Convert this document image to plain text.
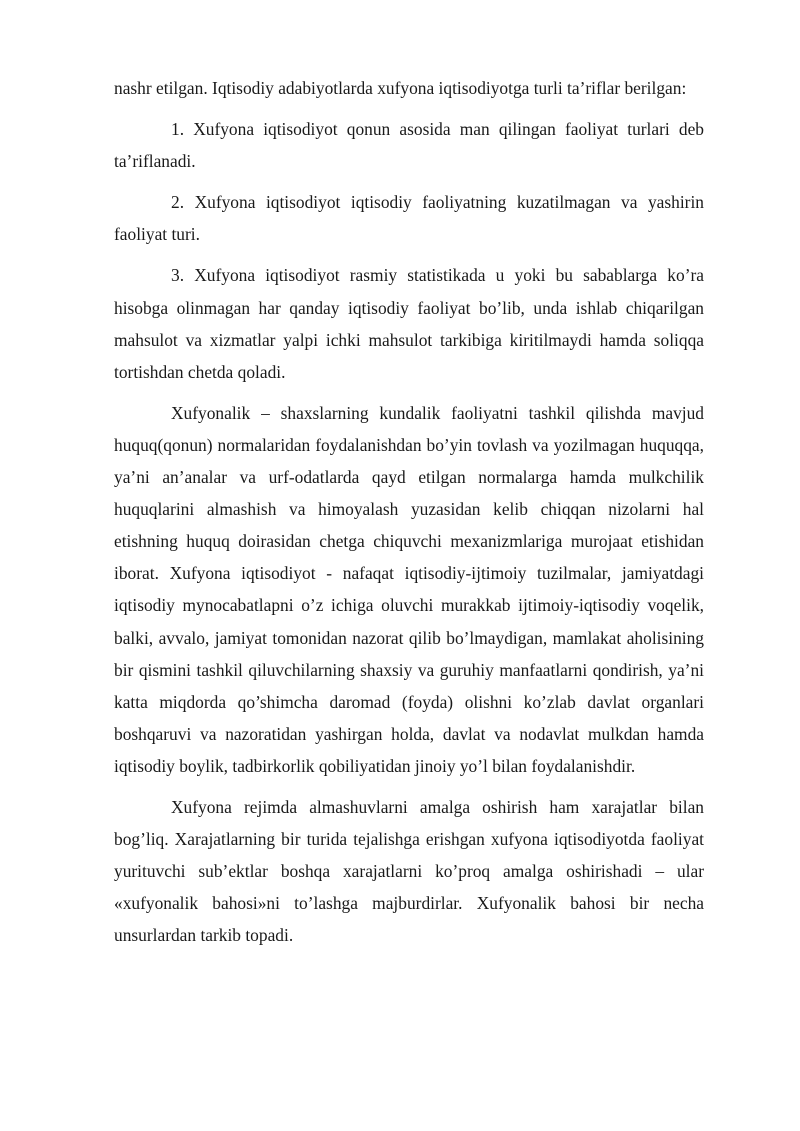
nashr etilgan. Iqtisodiy adabiyotlarda xufyona iqtisodiyotga turli ta’riflar berilgan:

1. Xufyona iqtisodiyot qonun asosida man qilingan faoliyat turlari deb ta’riflanadi.

2. Xufyona iqtisodiyot iqtisodiy faoliyatning kuzatilmagan va yashirin faoliyat turi.

3. Xufyona iqtisodiyot rasmiy statistikada u yoki bu sabablarga ko’ra hisobga olinmagan har qanday iqtisodiy faoliyat bo’lib, unda ishlab chiqarilgan mahsulot va xizmatlar yalpi ichki mahsulot tarkibiga kiritilmaydi hamda soliqqa tortishdan chetda qoladi.

Xufyonalik – shaxslarning kundalik faoliyatni tashkil qilishda mavjud huquq(qonun) normalaridan foydalanishdan bo’yin tovlash va yozilmagan huquqqa, ya’ni an’analar va urf-odatlarda qayd etilgan normalarga hamda mulkchilik huquqlarini almashish va himoyalash yuzasidan kelib chiqqan nizolarni hal etishning huquq doirasidan chetga chiquvchi mexanizmlariga murojaat etishidan iborat. Xufyona iqtisodiyot - nafaqat iqtisodiy-ijtimoiy tuzilmalar, jamiyatdagi iqtisodiy mynocabatlapni o’z ichiga oluvchi murakkab ijtimoiy-iqtisodiy voqelik, balki, avvalo, jamiyat tomonidan nazorat qilib bo’lmaydigan, mamlakat aholisining bir qismini tashkil qiluvchilarning shaxsiy va guruhiy manfaatlarni qondirish, ya’ni katta miqdorda qo’shimcha daromad (foyda) olishni ko’zlab davlat organlari boshqaruvi va nazoratidan yashirgan holda, davlat va nodavlat mulkdan hamda iqtisodiy boylik, tadbirkorlik qobiliyatidan jinoiy yo’l bilan foydalanishdir.

Xufyona rejimda almashuvlarni amalga oshirish ham xarajatlar bilan bog’liq. Xarajatlarning bir turida tejalishga erishgan xufyona iqtisodiyotda faoliyat yurituvchi sub’ektlar boshqa xarajatlarni ko’proq amalga oshirishadi – ular «xufyonalik bahosi»ni to’lashga majburdirlar. Xufyonalik bahosi bir necha unsurlardan tarkib topadi.
